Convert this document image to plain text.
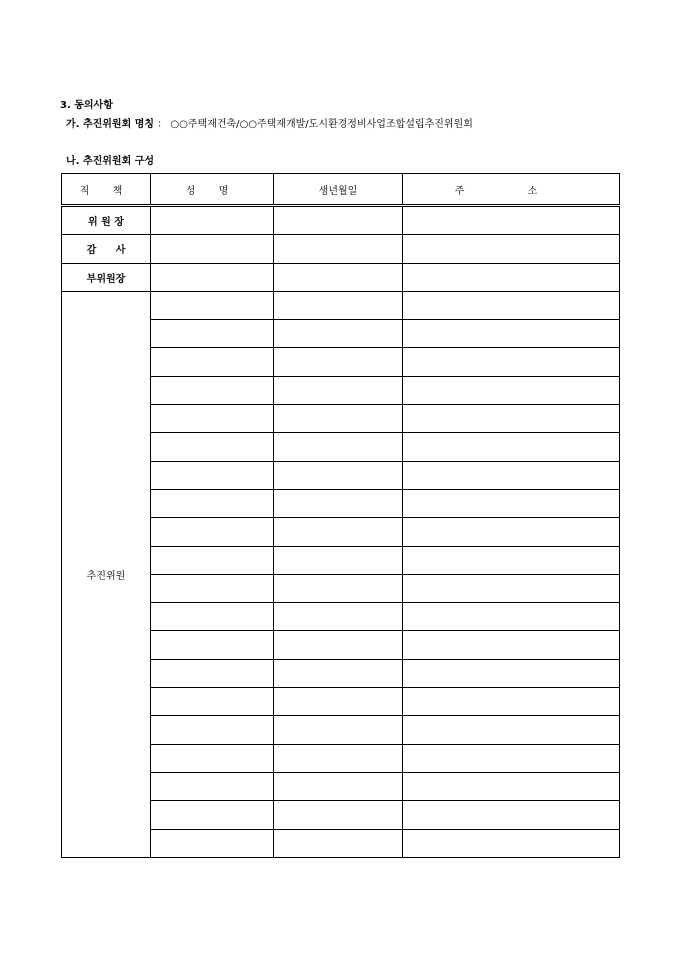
3. 동의사항
가. 추진위원회 명칭 ： ○○주택재건축/○○주택재개발/도시환경정비사업조합설립추진위원회
나. 추진위원회 구성
직 책	성 명	생년월일	주 소
위 원 장			
감 사			
부위원장			
추진위원			
